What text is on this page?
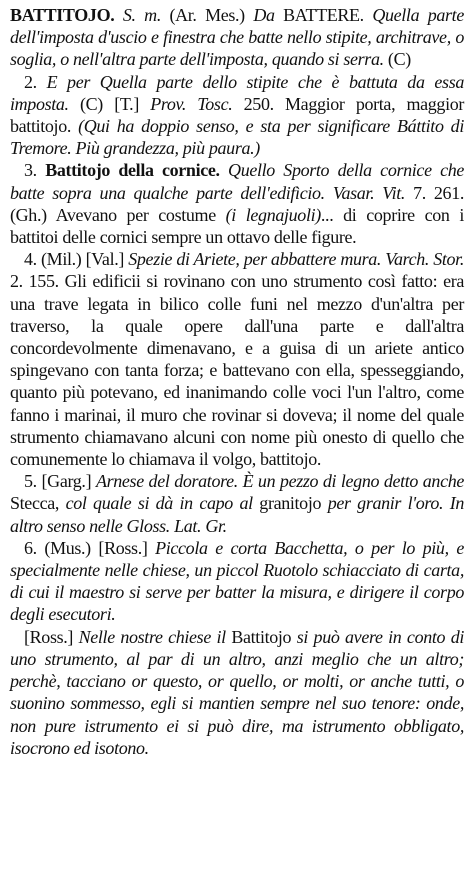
BATTITOJO. S. m. (Ar. Mes.) Da BATTERE. Quella parte dell'imposta d'uscio e finestra che batte nello stipite, architrave, o soglia, o nell'altra parte dell'imposta, quando si serra. (C)

2. E per Quella parte dello stipite che è battuta da essa imposta. (C) [T.] Prov. Tosc. 250. Maggior porta, maggior battitojo. (Qui ha doppio senso, e sta per significare Báttito di Tremore. Più grandezza, più paura.)

3. Battitojo della cornice. Quello Sporto della cornice che batte sopra una qualche parte dell'edifìcio. Vasar. Vit. 7. 261. (Gh.) Avevano per costume (i legnajuoli)... di coprire con i battitoi delle cornici sempre un ottavo delle figure.

4. (Mil.) [Val.] Spezie di Ariete, per abbattere mura. Varch. Stor. 2. 155. Gli edificii si rovinano con uno strumento così fatto: era una trave legata in bilico colle funi nel mezzo d'un'altra per traverso, la quale opere dall'una parte e dall'altra concordevolmente dimenavano, e a guisa di un ariete antico spingevano con tanta forza; e battevano con ella, spesseggiando, quanto più potevano, ed inanimando colle voci l'un l'altro, come fanno i marinai, il muro che rovinar si doveva; il nome del quale strumento chiamavano alcuni con nome più onesto di quello che comunemente lo chiamava il volgo, battitojo.

5. [Garg.] Arnese del doratore. È un pezzo di legno detto anche Stecca, col quale si dà in capo al granitojo per granir l'oro. In altro senso nelle Gloss. Lat. Gr.

6. (Mus.) [Ross.] Piccola e corta Bacchetta, o per lo più, e specialmente nelle chiese, un piccol Ruotolo schiacciato di carta, di cui il maestro si serve per batter la misura, e dirigere il corpo degli esecutori.

[Ross.] Nelle nostre chiese il Battitojo si può avere in conto di uno strumento, al par di un altro, anzi meglio che un altro; perchè, tacciano or questo, or quello, or molti, or anche tutti, o suonino sommesso, egli si mantien sempre nel suo tenore: onde, non pure istrumento ei si può dire, ma istrumento obbligato, isocrono ed isotono.
